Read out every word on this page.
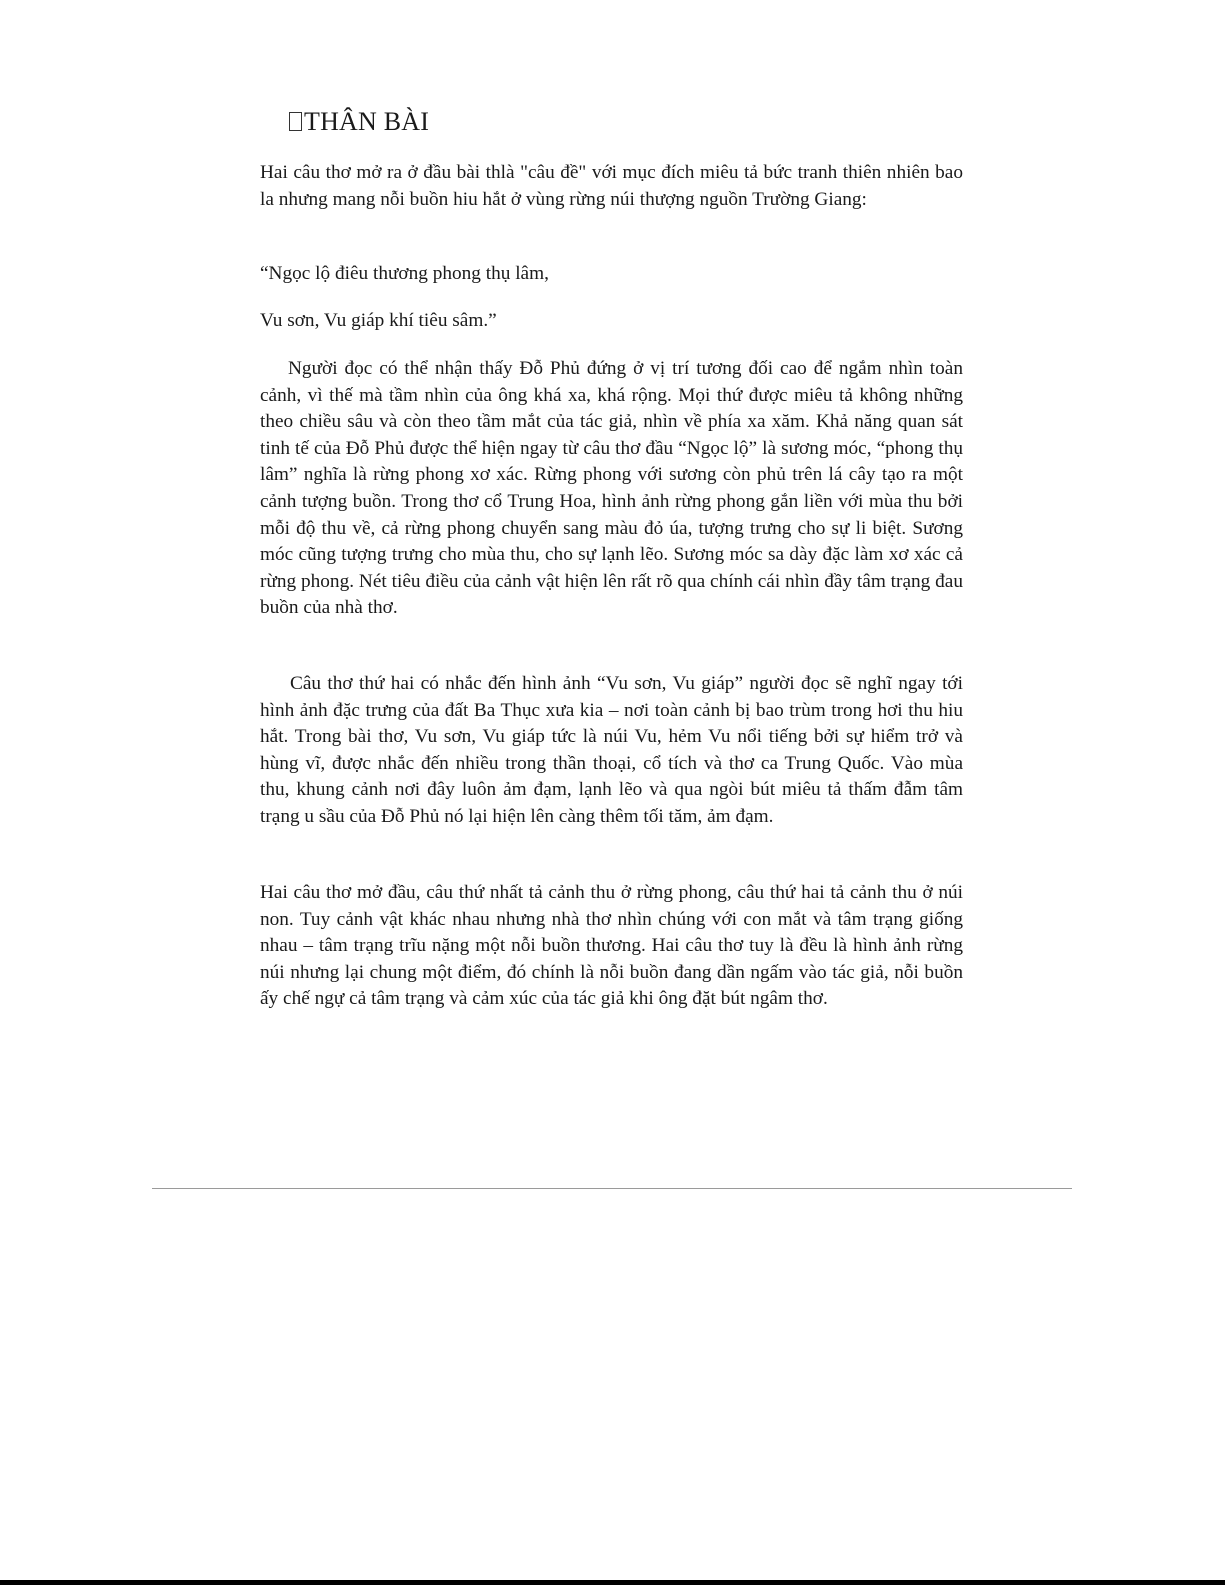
THÂN BÀI

Hai câu thơ mở ra ở đầu bài thlà "câu đề" với mục đích miêu tả bức tranh thiên nhiên bao la nhưng mang nỗi buồn hiu hắt ở vùng rừng núi thượng nguồn Trường Giang:

“Ngọc lộ điêu thương phong thụ lâm,

Vu sơn, Vu giáp khí tiêu sâm.”

Người đọc có thể nhận thấy Đỗ Phủ đứng ở vị trí tương đối cao để ngắm nhìn toàn cảnh, vì thế mà tầm nhìn của ông khá xa, khá rộng. Mọi thứ được miêu tả không những theo chiều sâu và còn theo tầm mắt của tác giả, nhìn về phía xa xăm. Khả năng quan sát tinh tế của Đỗ Phủ được thể hiện ngay từ câu thơ đầu “Ngọc lộ” là sương móc, “phong thụ lâm” nghĩa là rừng phong xơ xác. Rừng phong với sương còn phủ trên lá cây tạo ra một cảnh tượng buồn. Trong thơ cổ Trung Hoa, hình ảnh rừng phong gắn liền với mùa thu bởi mỗi độ thu về, cả rừng phong chuyển sang màu đỏ úa, tượng trưng cho sự li biệt. Sương móc cũng tượng trưng cho mùa thu, cho sự lạnh lẽo. Sương móc sa dày đặc làm xơ xác cả rừng phong. Nét tiêu điều của cảnh vật hiện lên rất rõ qua chính cái nhìn đầy tâm trạng đau buồn của nhà thơ.

Câu thơ thứ hai có nhắc đến hình ảnh “Vu sơn, Vu giáp” người đọc sẽ nghĩ ngay tới hình ảnh đặc trưng của đất Ba Thục xưa kia – nơi toàn cảnh bị bao trùm trong hơi thu hiu hắt. Trong bài thơ, Vu sơn, Vu giáp tức là núi Vu, hẻm Vu nổi tiếng bởi sự hiểm trở và hùng vĩ, được nhắc đến nhiều trong thần thoại, cổ tích và thơ ca Trung Quốc. Vào mùa thu, khung cảnh nơi đây luôn ảm đạm, lạnh lẽo và qua ngòi bút miêu tả thấm đẫm tâm trạng u sầu của Đỗ Phủ nó lại hiện lên càng thêm tối tăm, ảm đạm.

Hai câu thơ mở đầu, câu thứ nhất tả cảnh thu ở rừng phong, câu thứ hai tả cảnh thu ở núi non. Tuy cảnh vật khác nhau nhưng nhà thơ nhìn chúng với con mắt và tâm trạng giống nhau – tâm trạng trĩu nặng một nỗi buồn thương. Hai câu thơ tuy là đều là hình ảnh rừng núi nhưng lại chung một điểm, đó chính là nỗi buồn đang dần ngấm vào tác giả, nỗi buồn ấy chế ngự cả tâm trạng và cảm xúc của tác giả khi ông đặt bút ngâm thơ.
